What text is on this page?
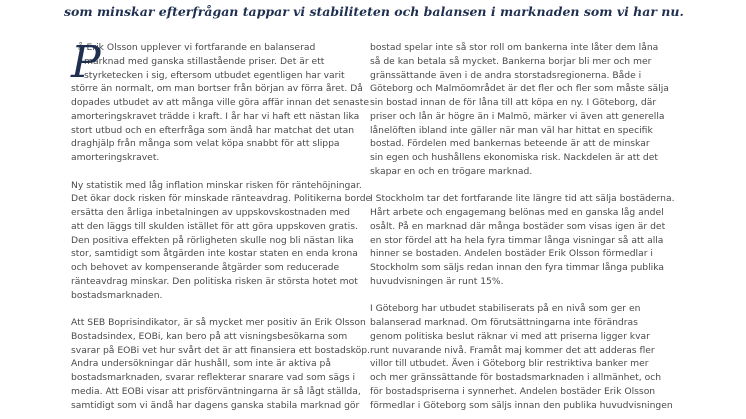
som minskar efterfrågan tappar vi stabiliteten och balansen i marknaden som vi har nu.

P
å Erik Olsson upplever vi fortfarande en balanserad
marknad med ganska stillastående priser. Det är ett
styrketecken i sig, eftersom utbudet egentligen har varit
större än normalt, om man bortser från början av förra året. Då
dopades utbudet av att många ville göra affär innan det senaste
amorteringskravet trädde i kraft. I år har vi haft ett nästan lika
stort utbud och en efterfråga som ändå har matchat det utan
draghjälp från många som velat köpa snabbt för att slippa
amorteringskravet.

Ny statistik med låg inflation minskar risken för räntehöjningar.
Det ökar dock risken för minskade ränteavdrag. Politikerna borde
ersätta den årliga inbetalningen av uppskovskostnaden med
att den läggs till skulden istället för att göra uppskoven gratis.
Den positiva effekten på rörligheten skulle nog bli nästan lika
stor, samtidigt som åtgärden inte kostar staten en enda krona
och behovet av kompenserande åtgärder som reducerade
ränteavdrag minskar. Den politiska risken är största hotet mot
bostadsmarknaden.

Att SEB Boprisindikator, är så mycket mer positiv än Erik Olsson
Bostadsindex, EOBi, kan bero på att visningsbesökarna som
svarar på EOBi vet hur svårt det är att finansiera ett bostadsköp.
Andra undersökningar där hushåll, som inte är aktiva på
bostadsmarknaden, svarar reflekterar snarare vad som sägs i
media. Att EOBi visar att prisförväntningarna är så lågt ställda,
samtidigt som vi ändå har dagens ganska stabila marknad gör

bostad spelar inte så stor roll om bankerna inte låter dem låna
så de kan betala så mycket. Bankerna borjar bli mer och mer
gränssättande även i de andra storstadsregionerna. Både i
Göteborg och Malmöområdet är det fler och fler som måste sälja
sin bostad innan de för låna till att köpa en ny. I Göteborg, där
priser och lån är högre än i Malmö, märker vi även att generella
lånelöften ibland inte gäller när man väl har hittat en specifik
bostad. Fördelen med bankernas beteende är att de minskar
sin egen och hushållens ekonomiska risk. Nackdelen är att det
skapar en och en trögare marknad.

I Stockholm tar det fortfarande lite längre tid att sälja bostäderna.
Hårt arbete och engagemang belönas med en ganska låg andel
osålt. På en marknad där många bostäder som visas igen är det
en stor fördel att ha hela fyra timmar långa visningar så att alla
hinner se bostaden. Andelen bostäder Erik Olsson förmedlar i
Stockholm som säljs redan innan den fyra timmar långa publika
huvudvisningen är runt 15%.

I Göteborg har utbudet stabiliserats på en nivå som ger en
balanserad marknad. Om förutsättningarna inte förändras
genom politiska beslut räknar vi med att priserna ligger kvar
runt nuvarande nivå. Framåt maj kommer det att adderas fler
villor till utbudet. Även i Göteborg blir restriktiva banker mer
och mer gränssättande för bostadsmarknaden i allmänhet, och
för bostadspriserna i synnerhet. Andelen bostäder Erik Olsson
förmedlar i Göteborg som säljs innan den publika huvudvisningen
